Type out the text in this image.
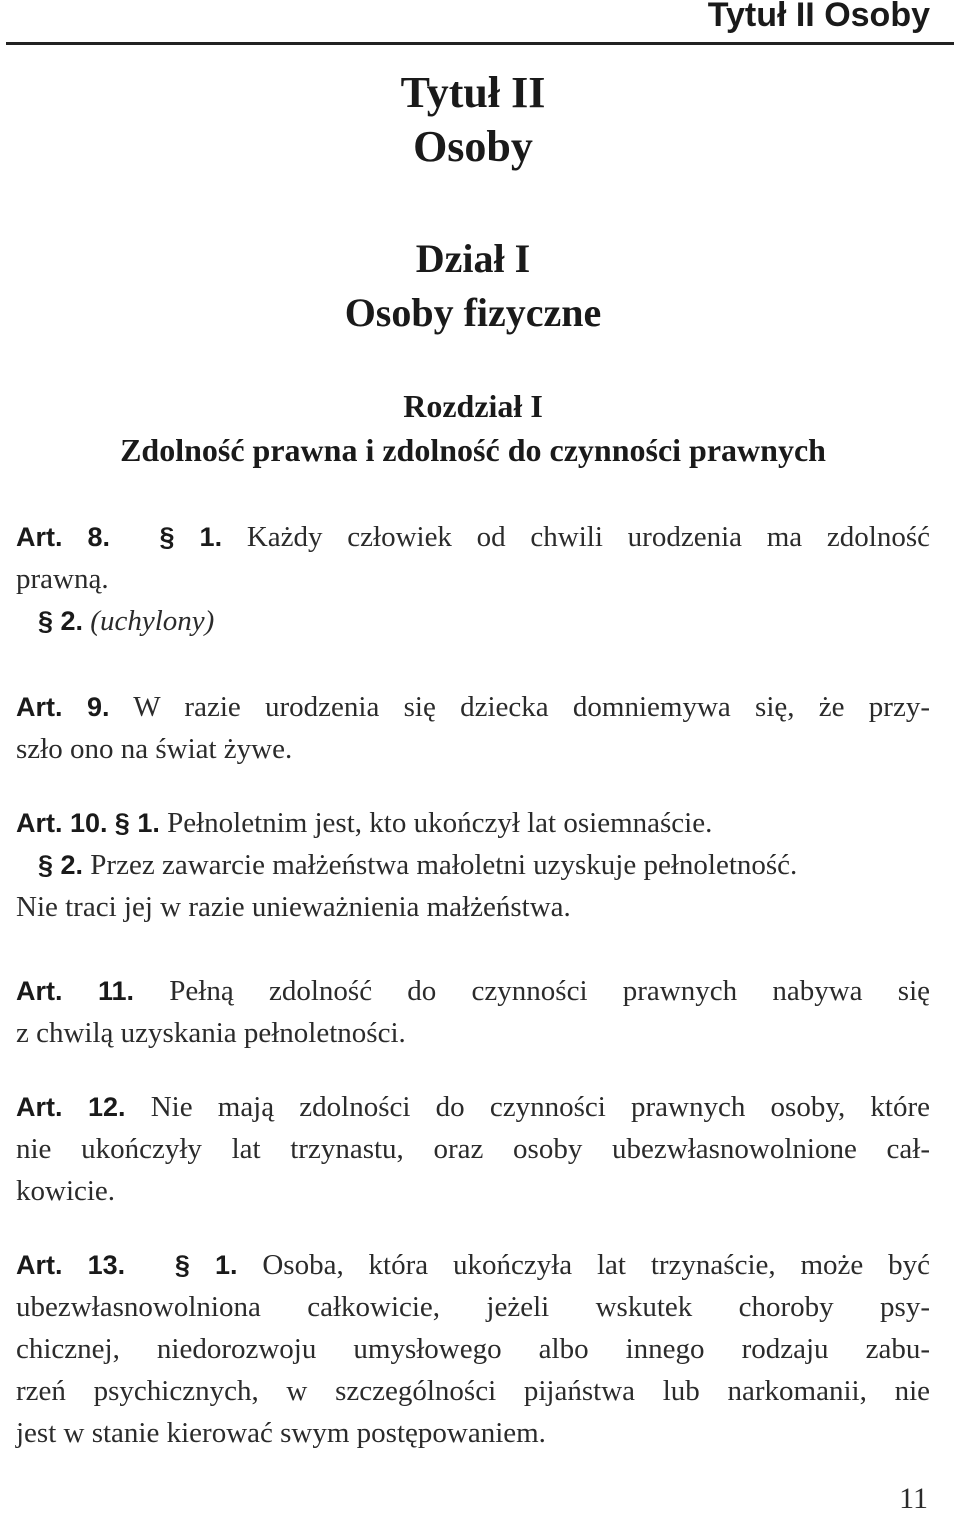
Tytuł II Osoby
Tytuł II
Osoby
Dział I
Osoby fizyczne
Rozdział I
Zdolność prawna i zdolność do czynności prawnych
Art. 8. § 1. Każdy człowiek od chwili urodzenia ma zdolność
prawną.
§ 2. (uchylony)
Art. 9. W razie urodzenia się dziecka domniemywa się, że przy-
szło ono na świat żywe.
Art. 10. § 1. Pełnoletnim jest, kto ukończył lat osiemnaście.
§ 2. Przez zawarcie małżeństwa małoletni uzyskuje pełnoletność.
Nie traci jej w razie unieważnienia małżeństwa.
Art. 11. Pełną zdolność do czynności prawnych nabywa się
z chwilą uzyskania pełnoletności.
Art. 12. Nie mają zdolności do czynności prawnych osoby, które
nie ukończyły lat trzynastu, oraz osoby ubezwłasnowolnione cał-
kowicie.
Art. 13. § 1. Osoba, która ukończyła lat trzynaście, może być
ubezwłasnowolniona całkowicie, jeżeli wskutek choroby psy-
chicznej, niedorozwoju umysłowego albo innego rodzaju zabu-
rzeń psychicznych, w szczególności pijaństwa lub narkomanii, nie
jest w stanie kierować swym postępowaniem.
11
